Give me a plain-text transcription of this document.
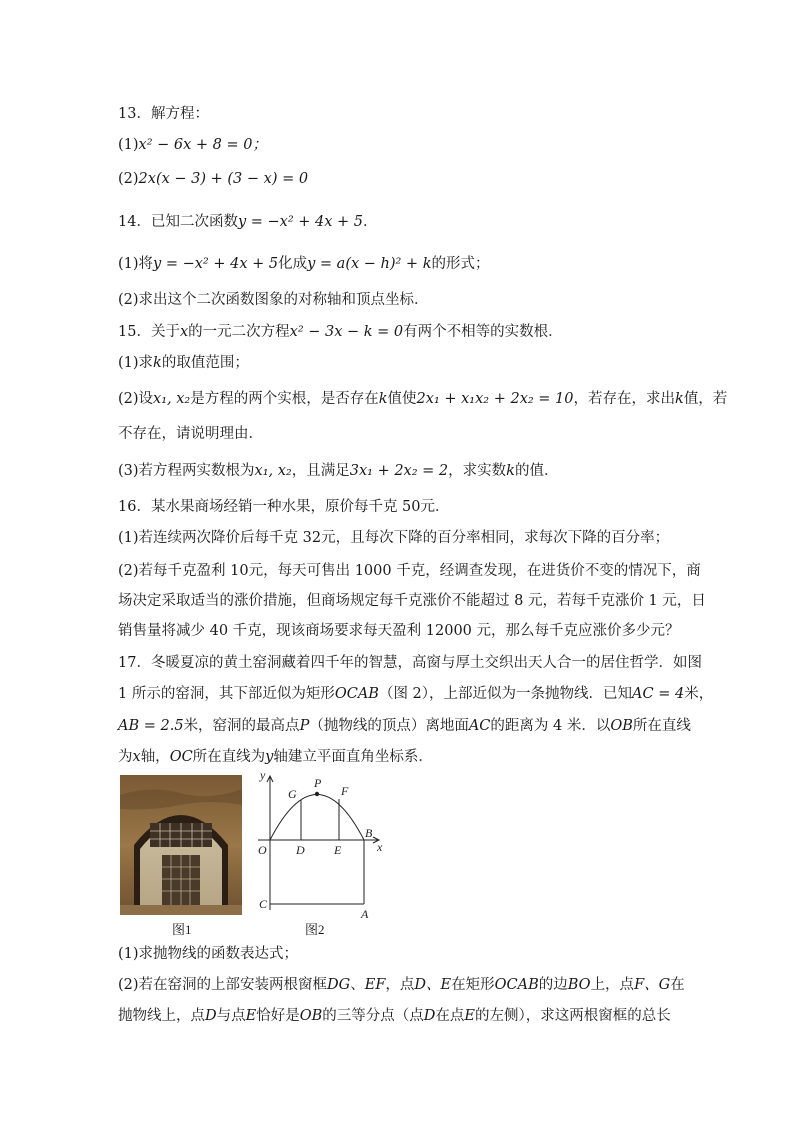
13．解方程：
(1)x² − 6x + 8 = 0；
(2)2x(x − 3) + (3 − x) = 0
14．已知二次函数y = −x² + 4x + 5．
(1)将y = −x² + 4x + 5化成y = a(x − h)² + k的形式；
(2)求出这个二次函数图象的对称轴和顶点坐标．
15．关于x的一元二次方程x² − 3x − k = 0有两个不相等的实数根．
(1)求k的取值范围；
(2)设x₁, x₂是方程的两个实根，是否存在k值使2x₁ + x₁x₂ + 2x₂ = 10，若存在，求出k值，若
不存在，请说明理由．
(3)若方程两实数根为x₁, x₂，且满足3x₁ + 2x₂ = 2，求实数k的值．
16．某水果商场经销一种水果，原价每千克 50元．
(1)若连续两次降价后每千克 32元，且每次下降的百分率相同，求每次下降的百分率；
(2)若每千克盈利 10元，每天可售出 1000 千克，经调查发现，在进货价不变的情况下，商
场决定采取适当的涨价措施，但商场规定每千克涨价不能超过 8 元，若每千克涨价 1 元，日
销售量将减少 40 千克，现该商场要求每天盈利 12000 元，那么每千克应涨价多少元？
17．冬暖夏凉的黄土窑洞藏着四千年的智慧，高窗与厚土交织出天人合一的居住哲学．如图
1 所示的窑洞，其下部近似为矩形OCAB（图 2），上部近似为一条抛物线．已知AC = 4米，
AB = 2.5米，窑洞的最高点P（抛物线的顶点）离地面AC的距离为 4 米．以OB所在直线
为x轴，OC所在直线为y轴建立平面直角坐标系．
图1
y
x
O D E
B
G
P
F
C
A
图2
(1)求抛物线的函数表达式；
(2)若在窑洞的上部安装两根窗框DG、EF，点D、E在矩形OCAB的边BO上，点F、G在
抛物线上，点D与点E恰好是OB的三等分点（点D在点E的左侧），求这两根窗框的总长
